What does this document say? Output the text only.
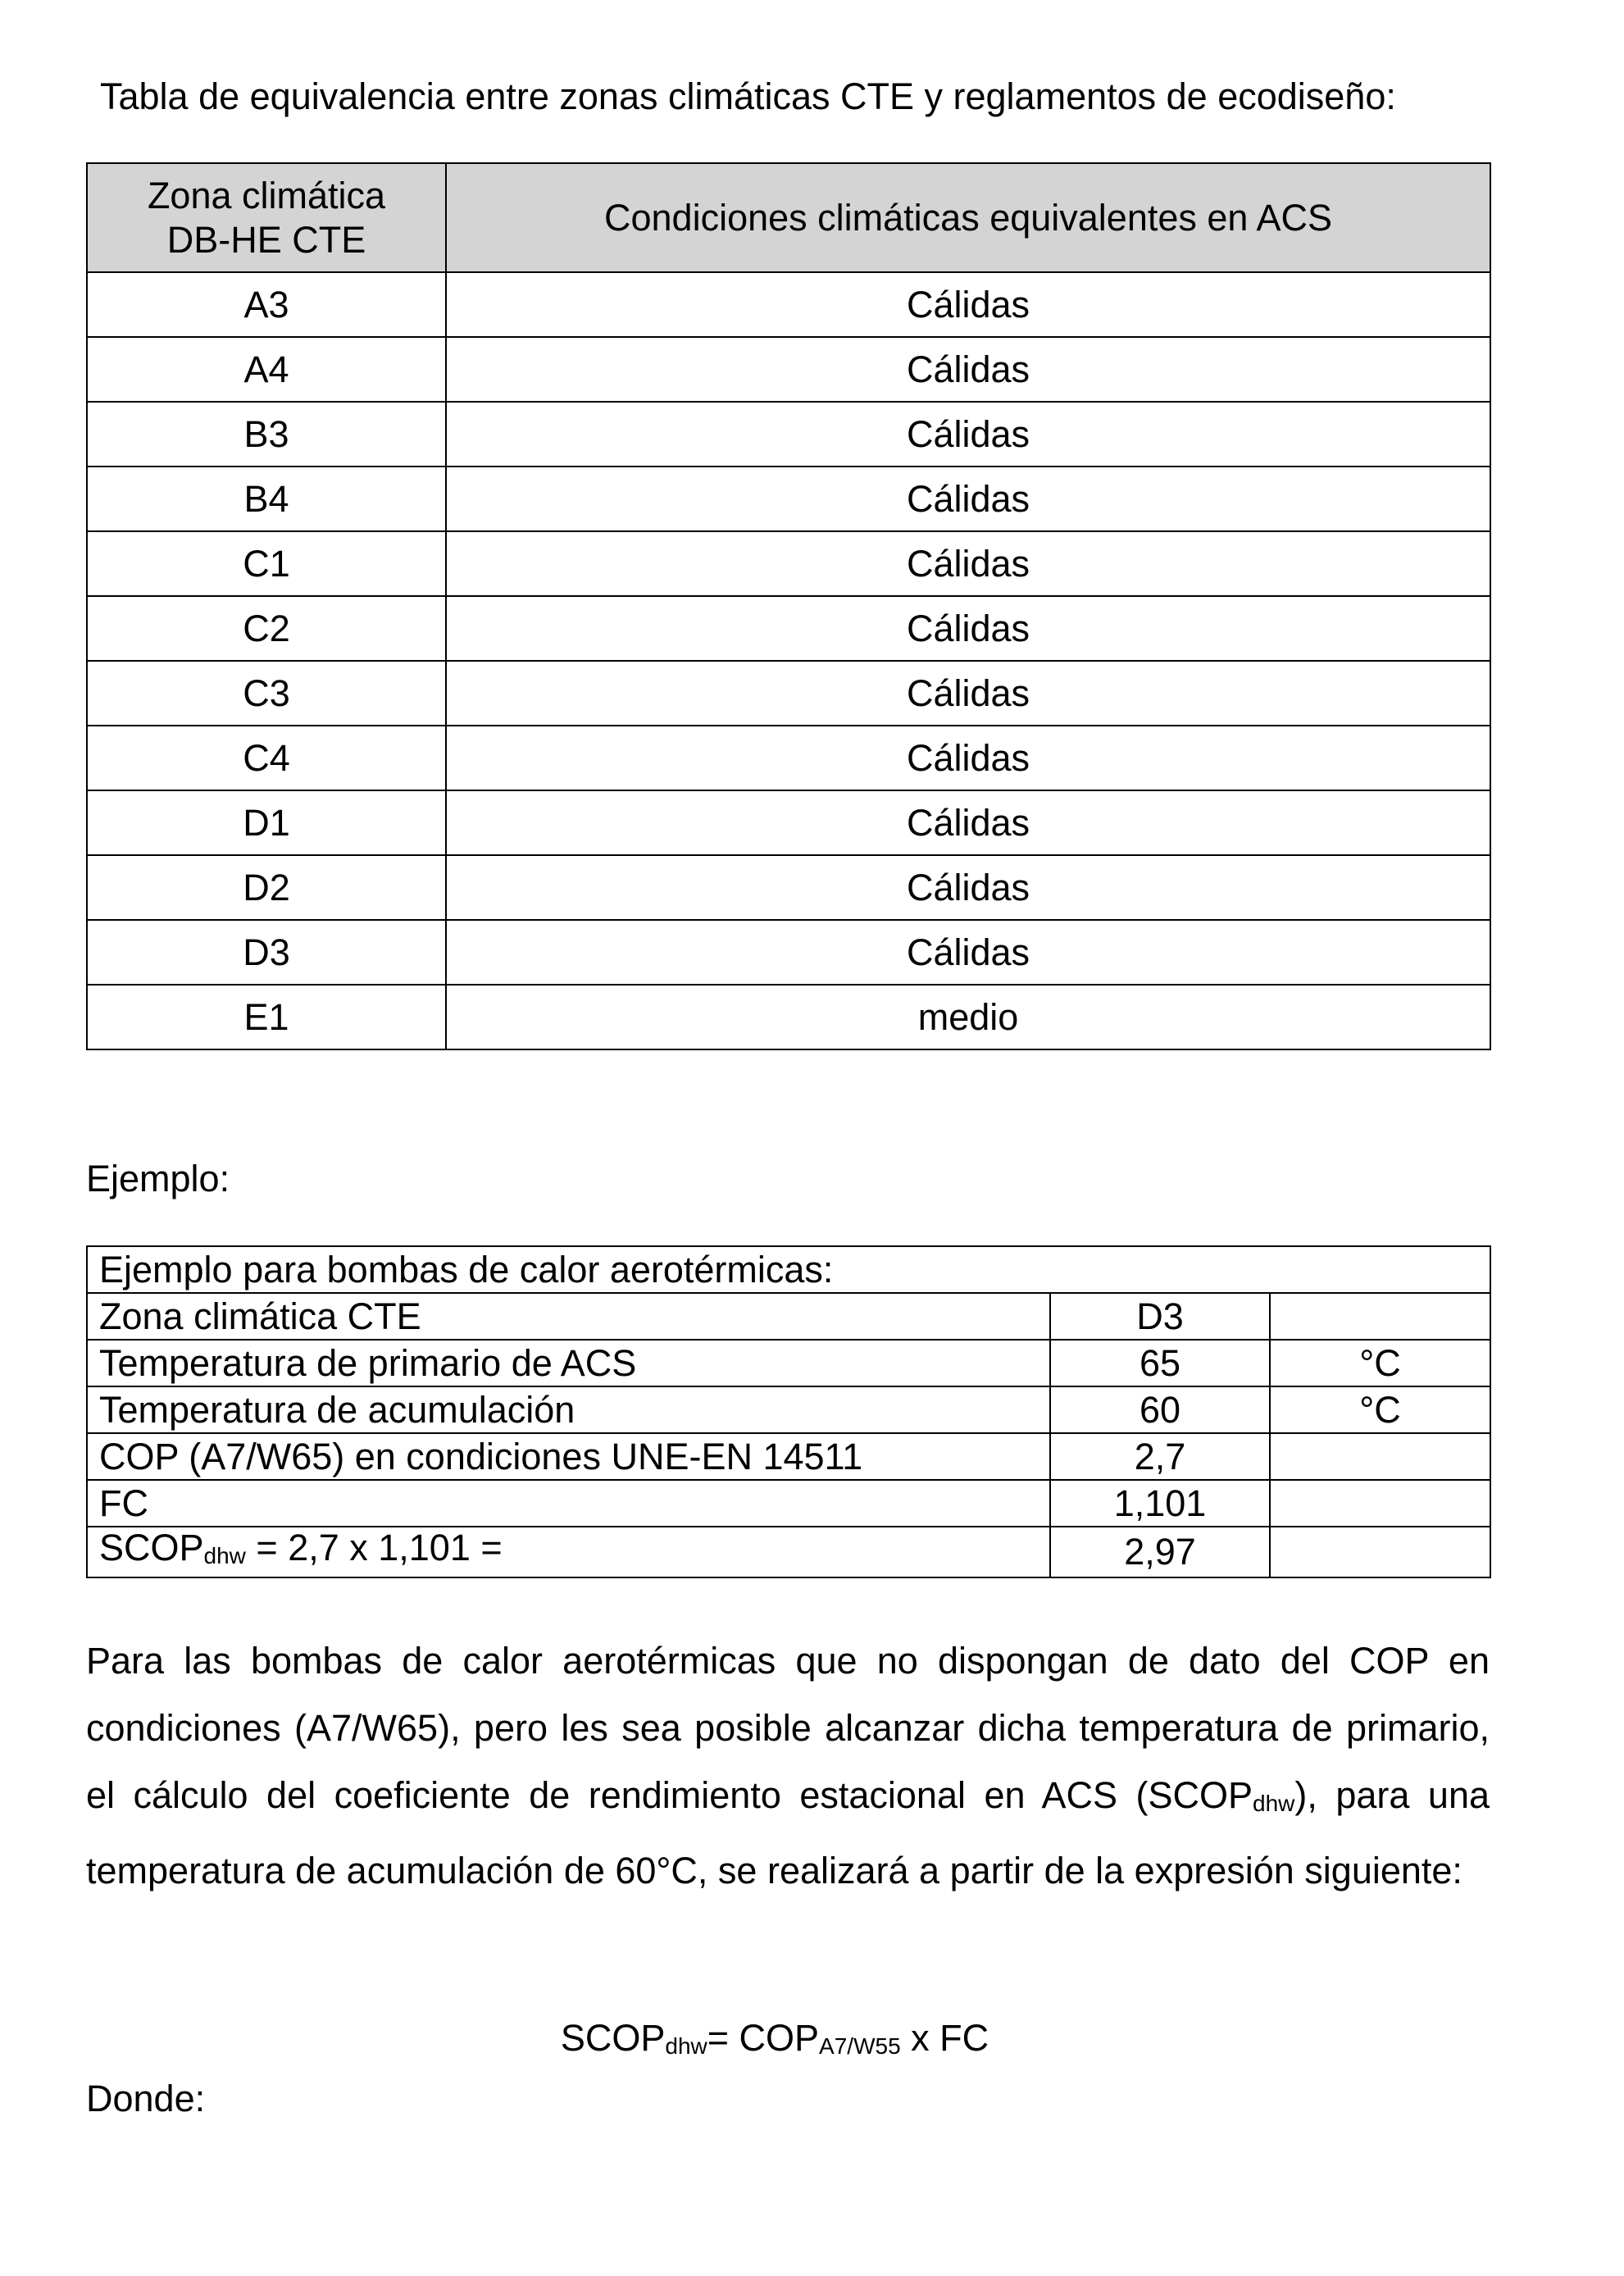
Tabla de equivalencia entre zonas climáticas CTE y reglamentos de ecodiseño:
Zona climática DB-HE CTE	Condiciones climáticas equivalentes en ACS
A3	Cálidas
A4	Cálidas
B3	Cálidas
B4	Cálidas
C1	Cálidas
C2	Cálidas
C3	Cálidas
C4	Cálidas
D1	Cálidas
D2	Cálidas
D3	Cálidas
E1	medio
Ejemplo:
Ejemplo para bombas de calor aerotérmicas:		
Zona climática CTE	D3	
Temperatura de primario de ACS	65	°C
Temperatura de acumulación	60	°C
COP (A7/W65) en condiciones UNE-EN 14511	2,7	
FC	1,101	
SCOPdhw = 2,7 x 1,101 =	2,97	

Para las bombas de calor aerotérmicas que no dispongan de dato del COP en condiciones (A7/W65), pero les sea posible alcanzar dicha temperatura de primario, el cálculo del coeficiente de rendimiento estacional en ACS (SCOPdhw), para una temperatura de acumulación de 60°C, se realizará a partir de la expresión siguiente:

SCOPdhw= COPA7/W55 x FC
Donde:
